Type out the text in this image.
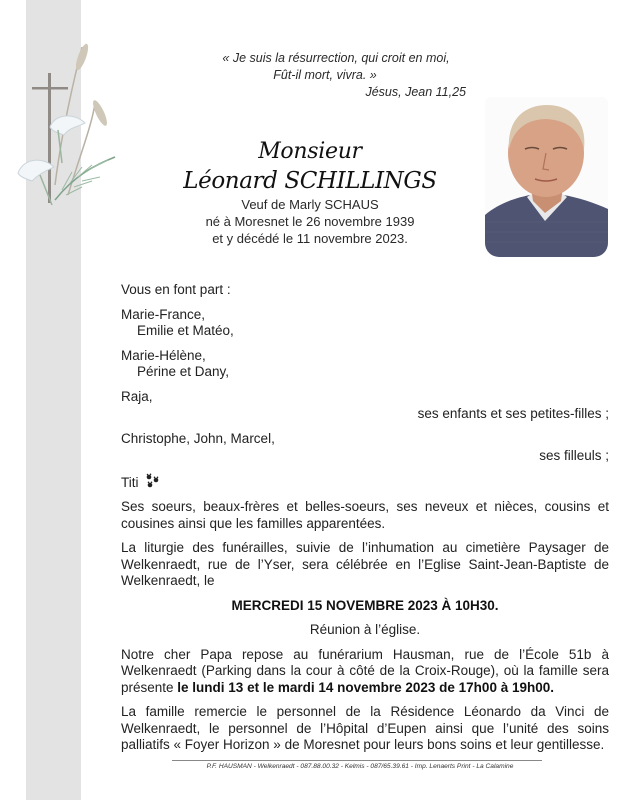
« Je suis la résurrection, qui croit en moi,
Fût-il mort, vivra. »
Jésus, Jean 11,25
Monsieur
Léonard SCHILLINGS
Veuf de Marly SCHAUS
né à Moresnet le 26 novembre 1939
et y décédé le 11 novembre 2023.

Vous en font part :

Marie-France,

Emilie et Matéo,

Marie-Hélène,

Périne et Dany,

Raja,

ses enfants et ses petites-filles ;

Christophe, John, Marcel,

ses filleuls ;

Titi

Ses soeurs, beaux-frères et belles-soeurs, ses neveux et nièces, cousins et cousines ainsi que les familles apparentées.

La liturgie des funérailles, suivie de l’inhumation au cimetière Paysager de Welkenraedt, rue de l’Yser, sera célébrée en l’Eglise Saint-Jean-Baptiste de Welkenraedt, le

MERCREDI 15 NOVEMBRE 2023 À 10H30.

Réunion à l’église.

Notre cher Papa repose au funérarium Hausman, rue de l’École 51b à Welkenraedt (Parking dans la cour à côté de la Croix-Rouge), où la famille sera présente le lundi 13 et le mardi 14 novembre 2023 de 17h00 à 19h00.

La famille remercie le personnel de la Résidence Léonardo da Vinci de Welkenraedt, le personnel de l’Hôpital d’Eupen ainsi que l’unité des soins palliatifs « Foyer Horizon » de Moresnet pour leurs bons soins et leur gentillesse.

P.F. HAUSMAN - Welkenraedt - 087.88.00.32 - Kelmis - 087/65.39.61 - Imp. Lenaerts Print - La Calamine
